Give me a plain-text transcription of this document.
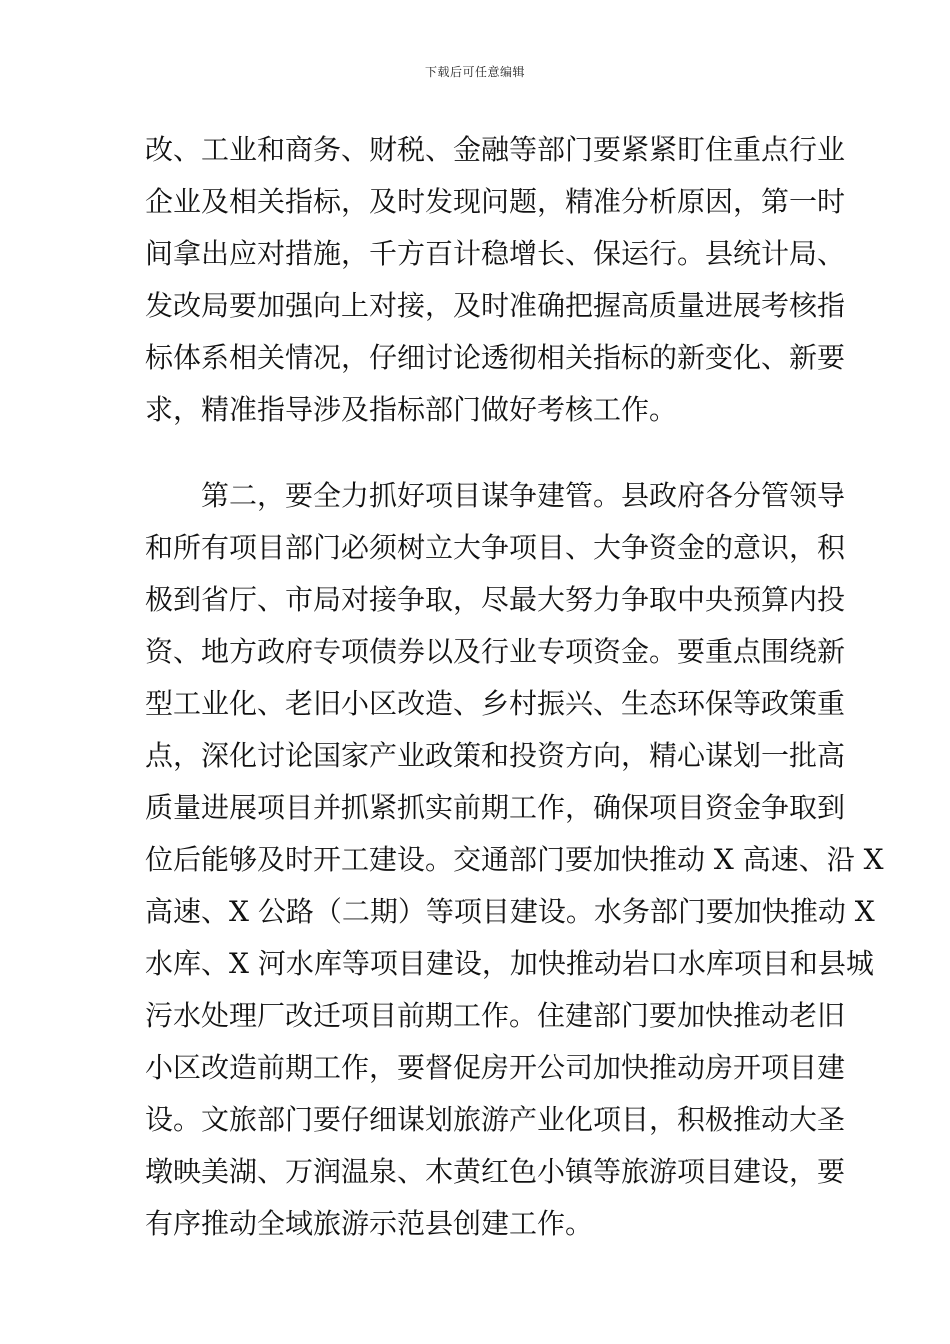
下载后可任意编辑
改、工业和商务、财税、金融等部门要紧紧盯住重点行业
企业及相关指标，及时发现问题，精准分析原因，第一时
间拿出应对措施，千方百计稳增长、保运行。县统计局、
发改局要加强向上对接，及时准确把握高质量进展考核指
标体系相关情况，仔细讨论透彻相关指标的新变化、新要
求，精准指导涉及指标部门做好考核工作。
第二，要全力抓好项目谋争建管。县政府各分管领导
和所有项目部门必须树立大争项目、大争资金的意识，积
极到省厅、市局对接争取，尽最大努力争取中央预算内投
资、地方政府专项债券以及行业专项资金。要重点围绕新
型工业化、老旧小区改造、乡村振兴、生态环保等政策重
点，深化讨论国家产业政策和投资方向，精心谋划一批高
质量进展项目并抓紧抓实前期工作，确保项目资金争取到
位后能够及时开工建设。交通部门要加快推动 X 高速、沿 X
高速、X 公路（二期）等项目建设。水务部门要加快推动 X
水库、X 河水库等项目建设，加快推动岩口水库项目和县城
污水处理厂改迁项目前期工作。住建部门要加快推动老旧
小区改造前期工作，要督促房开公司加快推动房开项目建
设。文旅部门要仔细谋划旅游产业化项目，积极推动大圣
墩映美湖、万润温泉、木黄红色小镇等旅游项目建设，要
有序推动全域旅游示范县创建工作。
